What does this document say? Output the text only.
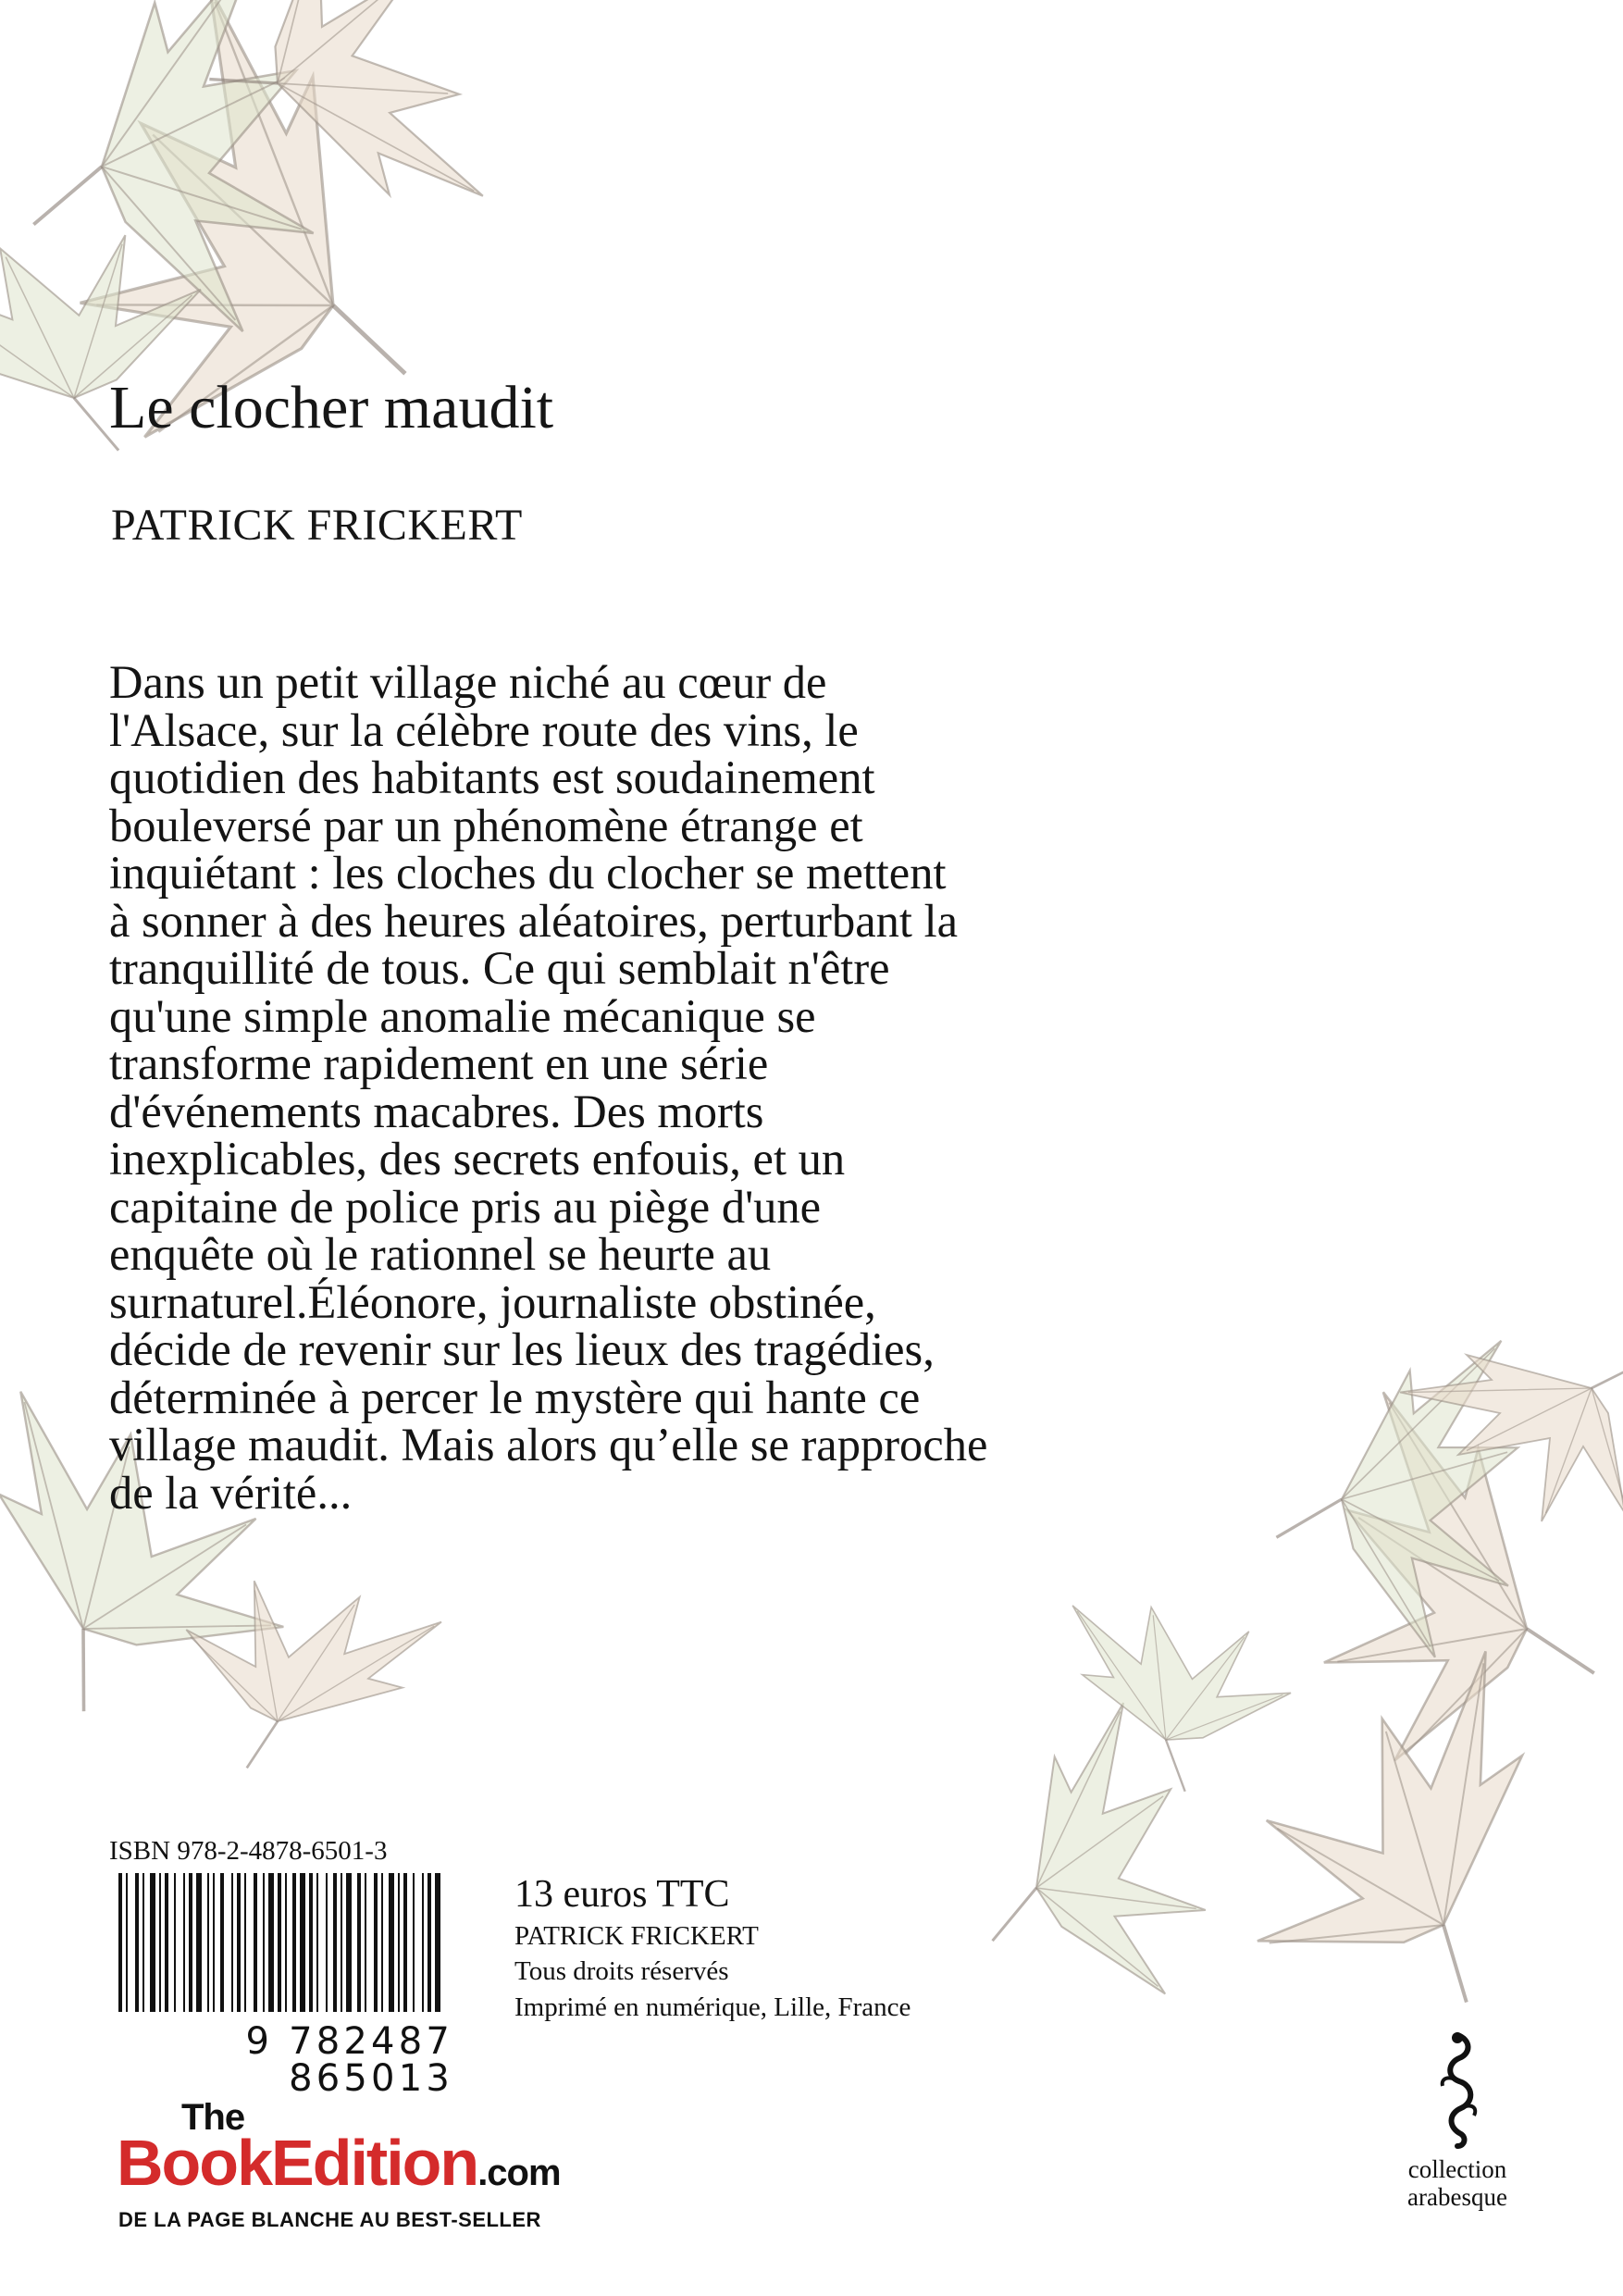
Le clocher maudit
PATRICK FRICKERT
Dans un petit village niché au cœur de
l'Alsace, sur la célèbre route des vins, le
quotidien des habitants est soudainement
bouleversé par un phénomène étrange et
inquiétant : les cloches du clocher se mettent
à sonner à des heures aléatoires, perturbant la
tranquillité de tous. Ce qui semblait n'être
qu'une simple anomalie mécanique se
transforme rapidement en une série
d'événements macabres. Des morts
inexplicables, des secrets enfouis, et un
capitaine de police pris au piège d'une
enquête où le rationnel se heurte au
surnaturel.Éléonore, journaliste obstinée,
décide de revenir sur les lieux des tragédies,
déterminée à percer le mystère qui hante ce
village maudit. Mais alors qu’elle se rapproche
de la vérité...
ISBN 978-2-4878-6501-3
9 782487 865013
13 euros TTC
PATRICK FRICKERT
Tous droits réservés
Imprimé en numérique, Lille, France
The
BookEdition.com
DE LA PAGE BLANCHE AU BEST-SELLER
collection
arabesque
